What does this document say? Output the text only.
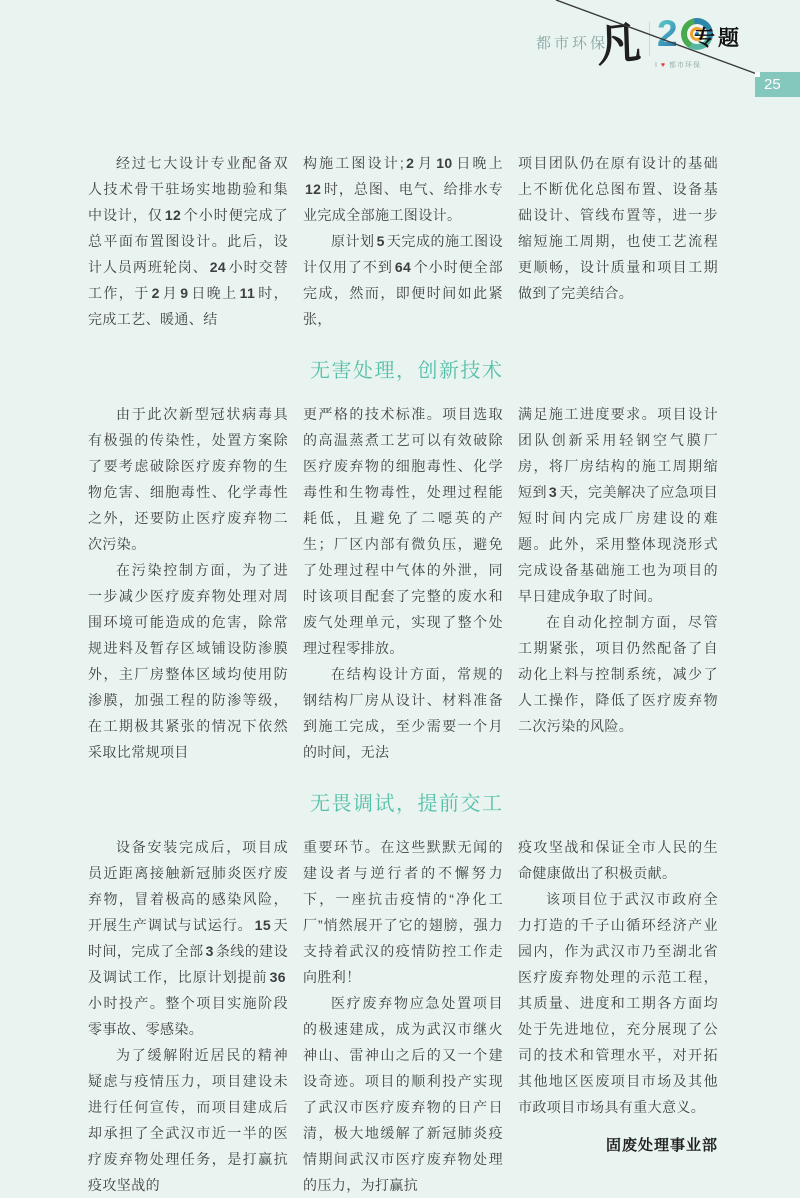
都市环保
凡 2
I ♥ 都市环保
专题
25

经过七大设计专业配备双人技术骨干驻场实地勘验和集中设计，仅 12 个小时便完成了总平面布置图设计。此后，设计人员两班轮岗、 24 小时交替工作，于 2 月 9 日晚上 11 时，完成工艺、暖通、结

构施工图设计; 2 月 10 日晚上12 时，总图、电气、给排水专业完成全部施工图设计。

原计划 5 天完成的施工图设计仅用了不到 64 个小时便全部完成，然而，即便时间如此紧张，

项目团队仍在原有设计的基础上不断优化总图布置、设备基础设计、管线布置等，进一步缩短施工周期，也使工艺流程更顺畅，设计质量和项目工期做到了完美结合。

无害处理，创新技术

由于此次新型冠状病毒具有极强的传染性，处置方案除了要考虑破除医疗废弃物的生物危害、细胞毒性、化学毒性之外，还要防止医疗废弃物二次污染。

在污染控制方面，为了进一步减少医疗废弃物处理对周围环境可能造成的危害，除常规进料及暂存区域铺设防渗膜外，主厂房整体区域均使用防渗膜，加强工程的防渗等级，在工期极其紧张的情况下依然采取比常规项目

更严格的技术标准。项目选取的高温蒸煮工艺可以有效破除医疗废弃物的细胞毒性、化学毒性和生物毒性，处理过程能耗低，且避免了二噁英的产生；厂区内部有微负压，避免了处理过程中气体的外泄，同时该项目配套了完整的废水和废气处理单元，实现了整个处理过程零排放。

在结构设计方面，常规的钢结构厂房从设计、材料准备到施工完成，至少需要一个月的时间，无法

满足施工进度要求。项目设计团队创新采用轻钢空气膜厂房，将厂房结构的施工周期缩短到 3 天，完美解决了应急项目短时间内完成厂房建设的难题。此外，采用整体现浇形式完成设备基础施工也为项目的早日建成争取了时间。

在自动化控制方面，尽管工期紧张，项目仍然配备了自动化上料与控制系统，减少了人工操作，降低了医疗废弃物二次污染的风险。

无畏调试，提前交工

设备安装完成后，项目成员近距离接触新冠肺炎医疗废弃物，冒着极高的感染风险，开展生产调试与试运行。 15 天时间，完成了全部 3 条线的建设及调试工作，比原计划提前 36小时投产。整个项目实施阶段零事故、零感染。

为了缓解附近居民的精神疑虑与疫情压力，项目建设未进行任何宣传，而项目建成后却承担了全武汉市近一半的医疗废弃物处理任务，是打赢抗疫攻坚战的

重要环节。在这些默默无闻的建设者与逆行者的不懈努力下，一座抗击疫情的“净化工厂”悄然展开了它的翅膀，强力支持着武汉的疫情防控工作走向胜利！

医疗废弃物应急处置项目的极速建成，成为武汉市继火神山、雷神山之后的又一个建设奇迹。项目的顺利投产实现了武汉市医疗废弃物的日产日清，极大地缓解了新冠肺炎疫情期间武汉市医疗废弃物处理的压力，为打赢抗

疫攻坚战和保证全市人民的生命健康做出了积极贡献。

该项目位于武汉市政府全力打造的千子山循环经济产业园内，作为武汉市乃至湖北省医疗废弃物处理的示范工程，其质量、进度和工期各方面均处于先进地位，充分展现了公司的技术和管理水平，对开拓其他地区医废项目市场及其他市政项目市场具有重大意义。

固废处理事业部
